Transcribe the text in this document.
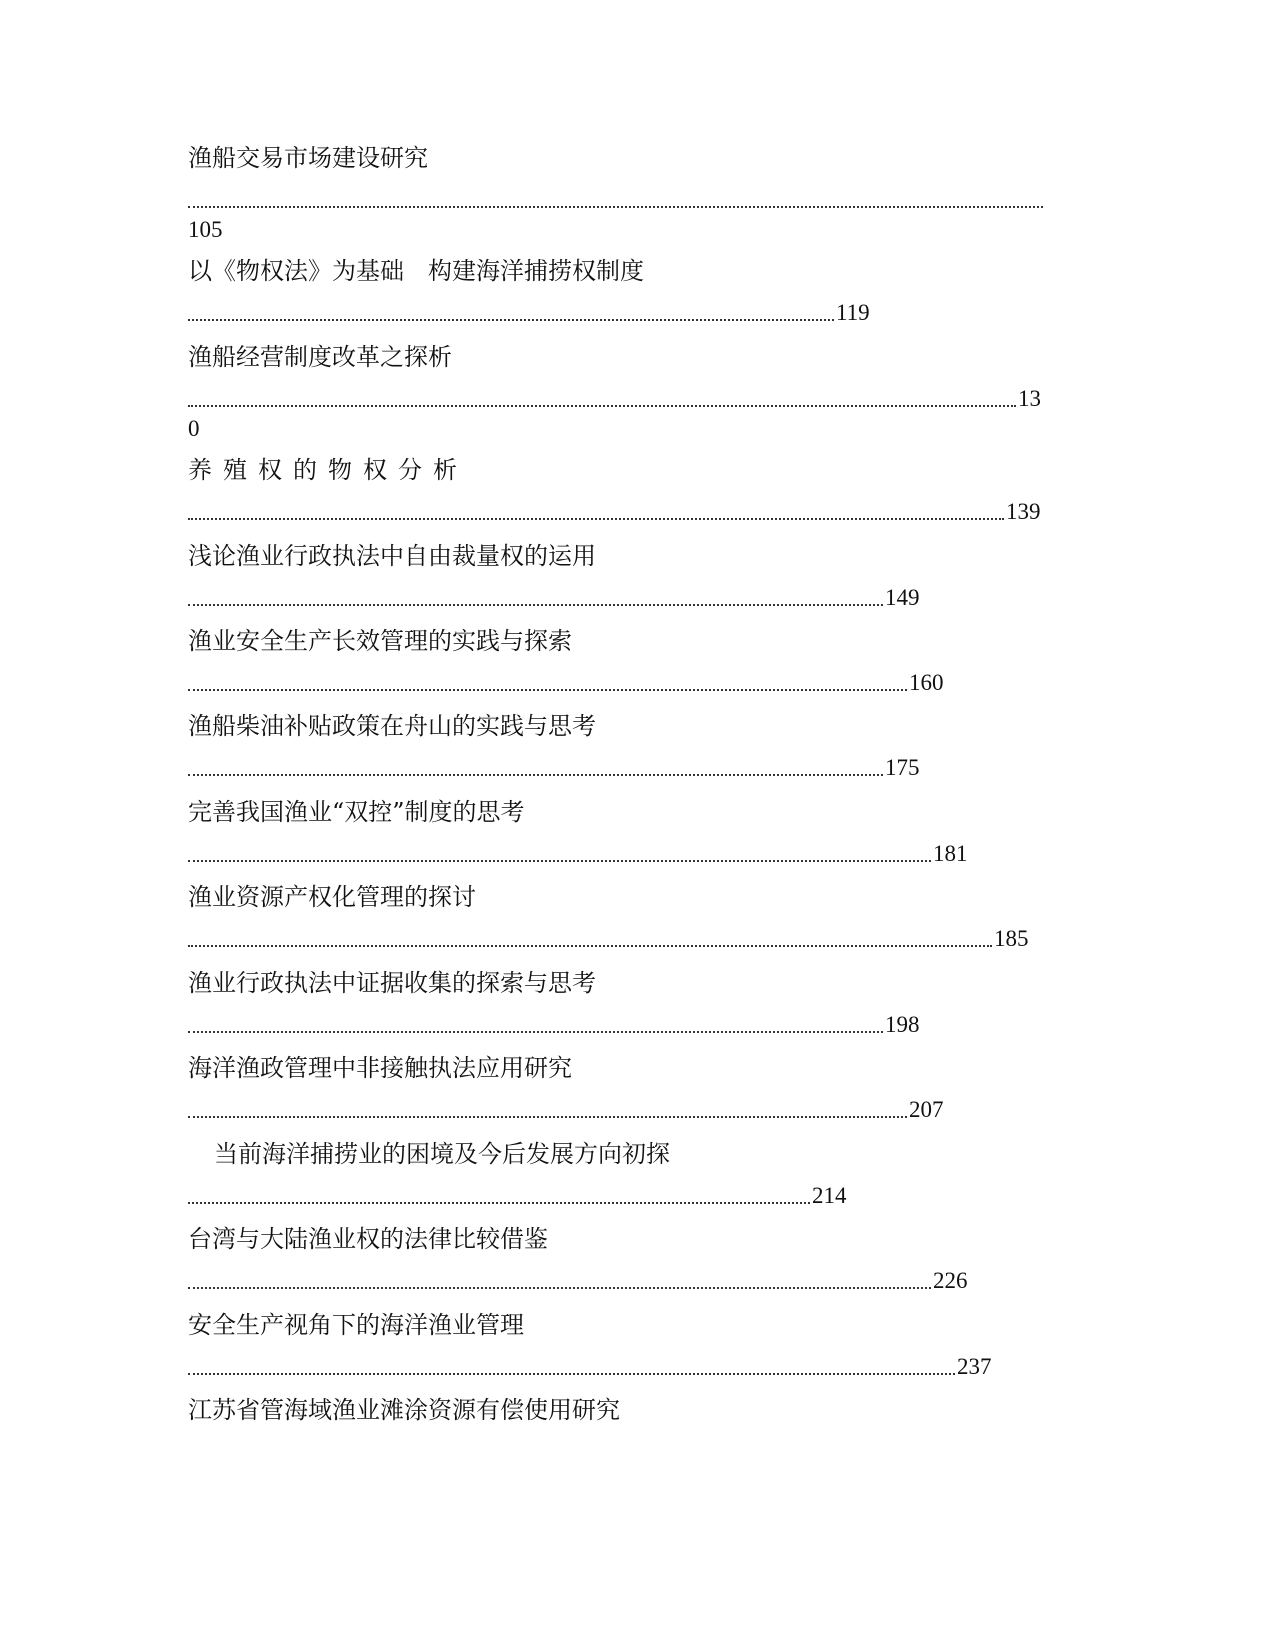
渔船交易市场建设研究
105
以《物权法》为基础　构建海洋捕捞权制度
119
渔船经营制度改革之探析
13
0
养殖权的物权分析
139
浅论渔业行政执法中自由裁量权的运用
149
渔业安全生产长效管理的实践与探索
160
渔船柴油补贴政策在舟山的实践与思考
175
完善我国渔业“双控”制度的思考
181
渔业资源产权化管理的探讨
185
渔业行政执法中证据收集的探索与思考
198
海洋渔政管理中非接触执法应用研究
207
当前海洋捕捞业的困境及今后发展方向初探
214
台湾与大陆渔业权的法律比较借鉴
226
安全生产视角下的海洋渔业管理
237
江苏省管海域渔业滩涂资源有偿使用研究
